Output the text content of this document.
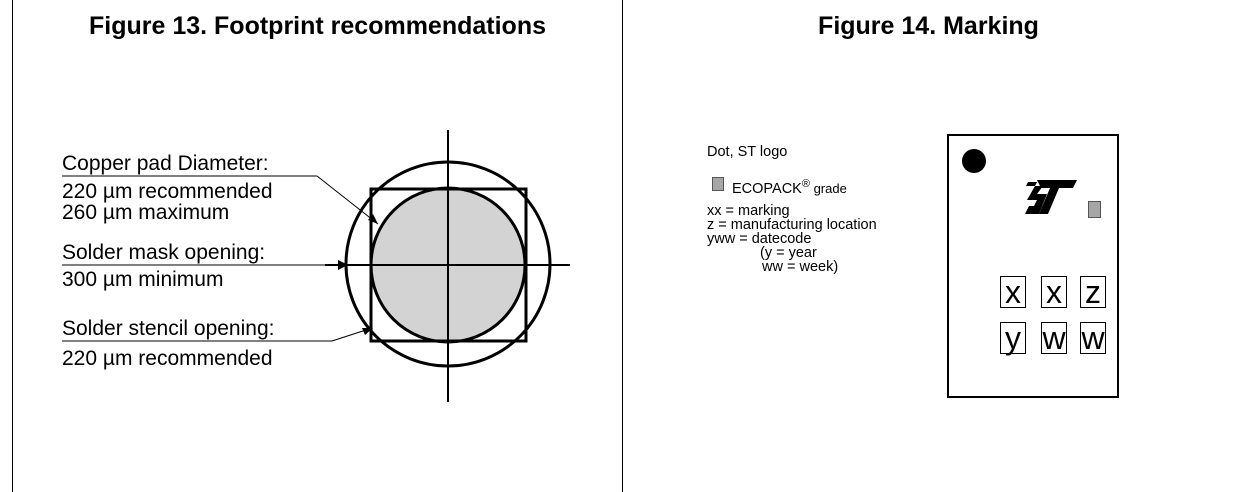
Figure 13. Footprint recommendations
Copper pad Diameter:
220 µm recommended
260 µm maximum
Solder mask opening:
300 µm minimum
Solder stencil opening:
220 µm recommended
Figure 14. Marking
Dot, ST logo
ECOPACK® grade
xx = marking
z = manufacturing location
yww = datecode
(y = year
ww = week)
x x z
y w w
